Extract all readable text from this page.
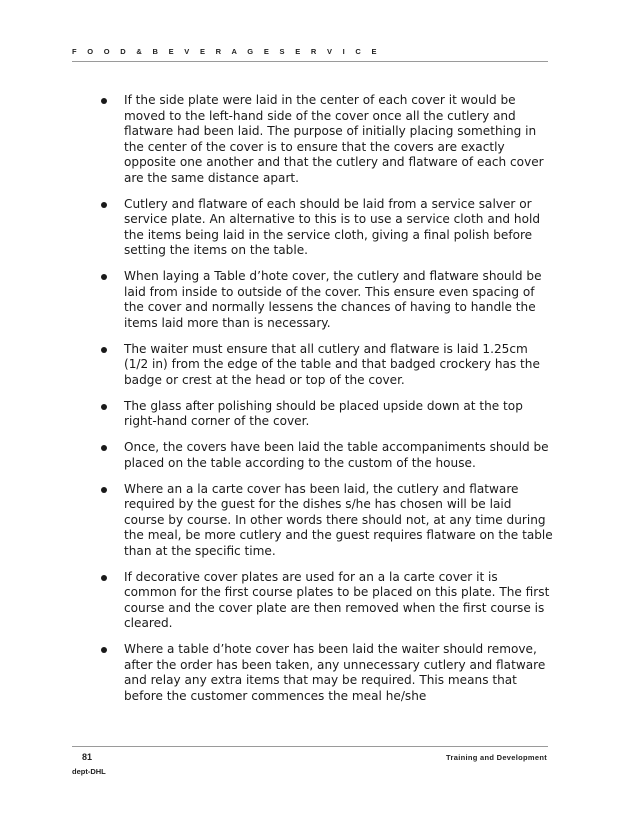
F O O D & B E V E R A G E S E R V I C E
If the side plate were laid in the center of each cover it would be moved to the left-hand side of the cover once all the cutlery and flatware had been laid. The purpose of initially placing something in the center of the cover is to ensure that the covers are exactly opposite one another and that the cutlery and flatware of each cover are the same distance apart.
Cutlery and flatware of each should be laid from a service salver or service plate. An alternative to this is to use a service cloth and hold the items being laid in the service cloth, giving a final polish before setting the items on the table.
When laying a Table d’hote cover, the cutlery and flatware should be laid from inside to outside of the cover. This ensure even spacing of the cover and normally lessens the chances of having to handle the items laid more than is necessary.
The waiter must ensure that all cutlery and flatware is laid 1.25cm (1/2 in) from the edge of the table and that badged crockery has the badge or crest at the head or top of the cover.
The glass after polishing should be placed upside down at the top right-hand corner of the cover.
Once, the covers have been laid the table accompaniments should be placed on the table according to the custom of the house.
Where an a la carte cover has been laid, the cutlery and flatware required by the guest for the dishes s/he has chosen will be laid course by course. In other words there should not, at any time during the meal, be more cutlery and the guest requires flatware on the table than at the specific time.
If decorative cover plates are used for an a la carte cover it is common for the first course plates to be placed on this plate. The first course and the cover plate are then removed when the first course is cleared.
Where a table d’hote cover has been laid the waiter should remove, after the order has been taken, any unnecessary cutlery and flatware and relay any extra items that may be required. This means that before the customer commences the meal he/she
81	Training and Development
dept-DHL
